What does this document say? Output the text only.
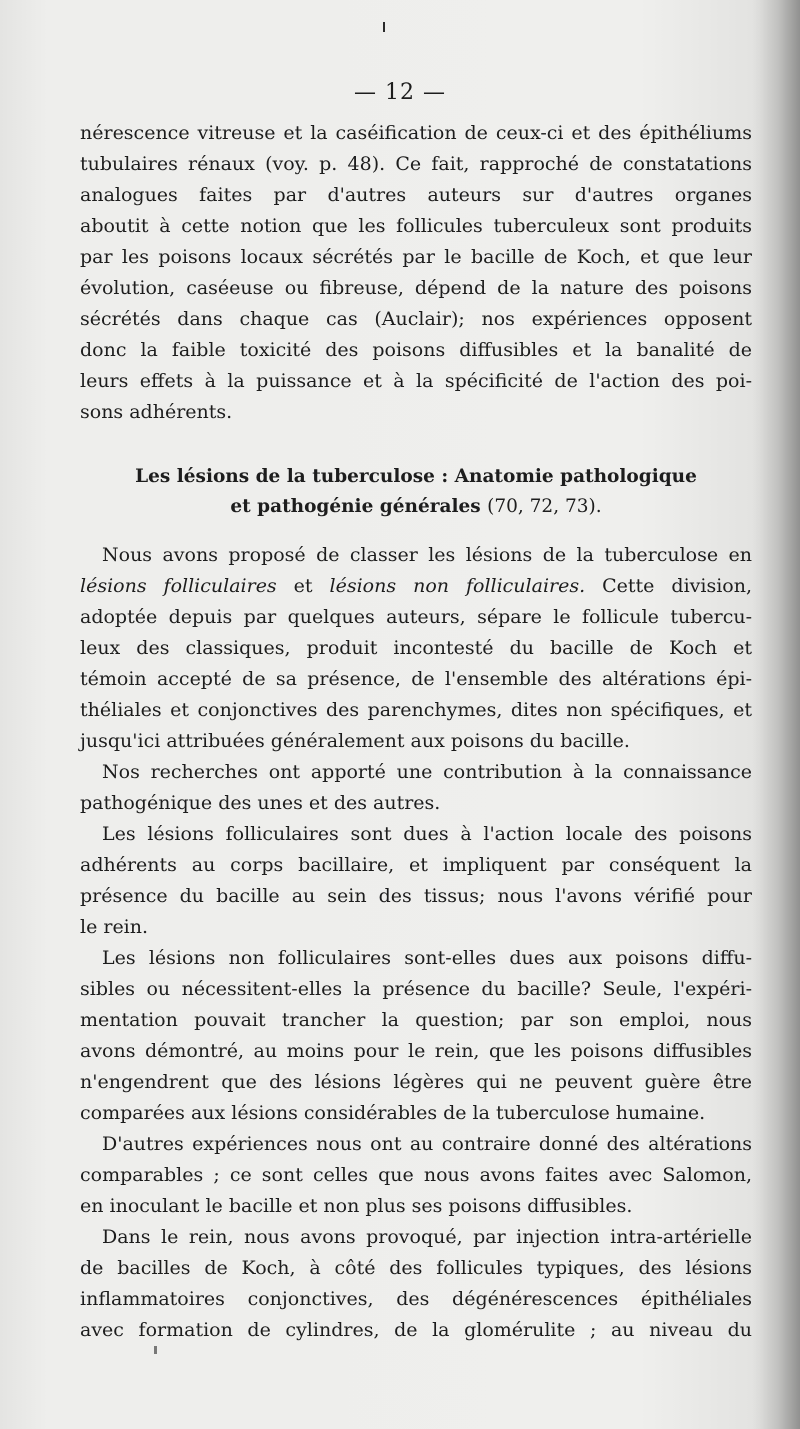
— 12 —
nérescence vitreuse et la caséification de ceux-ci et des épithéliums
tubulaires rénaux (voy. p. 48). Ce fait, rapproché de constatations
analogues faites par d'autres auteurs sur d'autres organes
aboutit à cette notion que les follicules tuberculeux sont produits
par les poisons locaux sécrétés par le bacille de Koch, et que leur
évolution, caséeuse ou fibreuse, dépend de la nature des poisons
sécrétés dans chaque cas (Auclair); nos expériences opposent
donc la faible toxicité des poisons diffusibles et la banalité de
leurs effets à la puissance et à la spécificité de l'action des poi-
sons adhérents.
Les lésions de la tuberculose : Anatomie pathologique
et pathogénie générales (70, 72, 73).
Nous avons proposé de classer les lésions de la tuberculose en
lésions folliculaires et lésions non folliculaires. Cette division,
adoptée depuis par quelques auteurs, sépare le follicule tubercu-
leux des classiques, produit incontesté du bacille de Koch et
témoin accepté de sa présence, de l'ensemble des altérations épi-
théliales et conjonctives des parenchymes, dites non spécifiques, et
jusqu'ici attribuées généralement aux poisons du bacille.
Nos recherches ont apporté une contribution à la connaissance
pathogénique des unes et des autres.
Les lésions folliculaires sont dues à l'action locale des poisons
adhérents au corps bacillaire, et impliquent par conséquent la
présence du bacille au sein des tissus; nous l'avons vérifié pour
le rein.
Les lésions non folliculaires sont-elles dues aux poisons diffu-
sibles ou nécessitent-elles la présence du bacille? Seule, l'expéri-
mentation pouvait trancher la question; par son emploi, nous
avons démontré, au moins pour le rein, que les poisons diffusibles
n'engendrent que des lésions légères qui ne peuvent guère être
comparées aux lésions considérables de la tuberculose humaine.
D'autres expériences nous ont au contraire donné des altérations
comparables ; ce sont celles que nous avons faites avec Salomon,
en inoculant le bacille et non plus ses poisons diffusibles.
Dans le rein, nous avons provoqué, par injection intra-artérielle
de bacilles de Koch, à côté des follicules typiques, des lésions
inflammatoires conjonctives, des dégénérescences épithéliales
avec formation de cylindres, de la glomérulite ; au niveau du
